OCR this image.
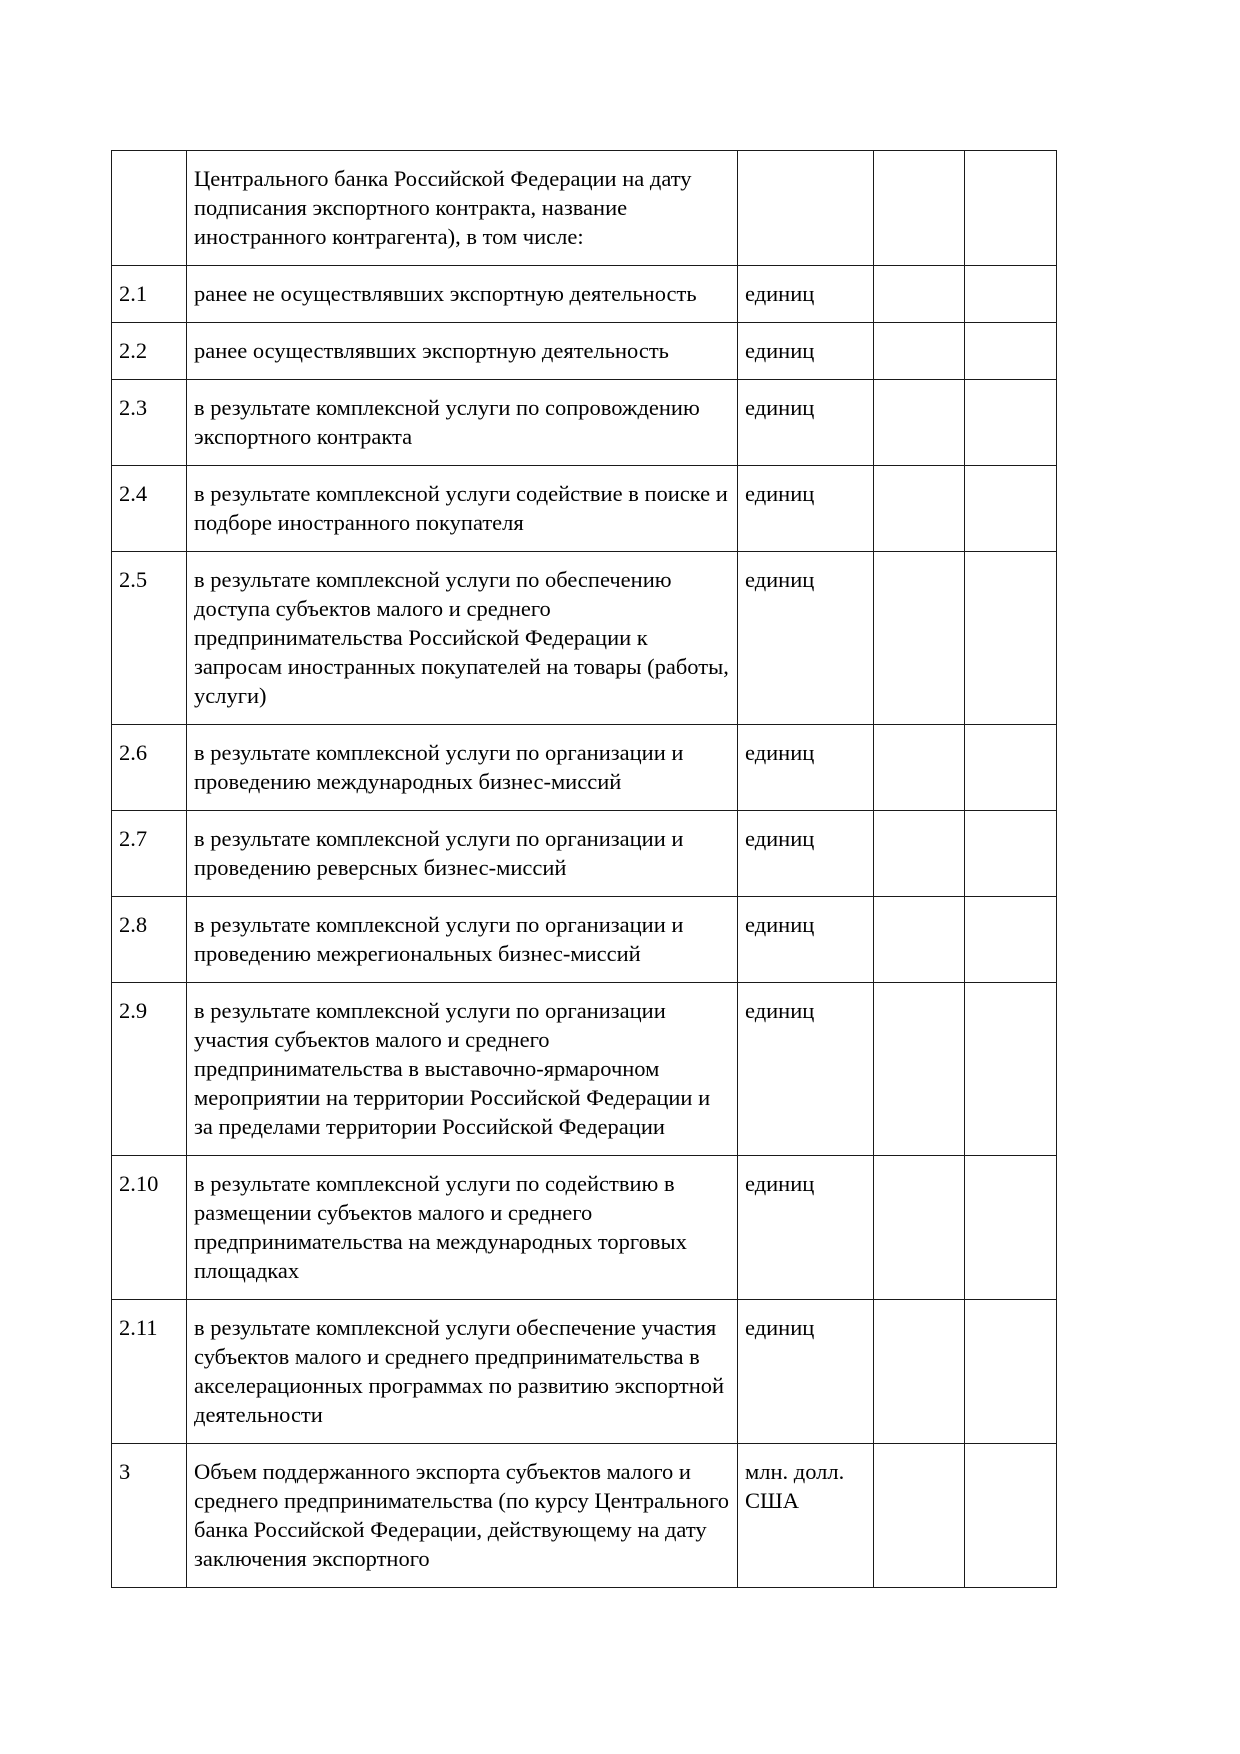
	Центрального банка Российской Федерации на дату подписания экспортного контракта, название иностранного контрагента), в том числе:			
2.1	ранее не осуществлявших экспортную деятельность	единиц		
2.2	ранее осуществлявших экспортную деятельность	единиц		
2.3	в результате комплексной услуги по сопровождению экспортного контракта	единиц		
2.4	в результате комплексной услуги содействие в поиске и подборе иностранного покупателя	единиц		
2.5	в результате комплексной услуги по обеспечению доступа субъектов малого и среднего предпринимательства Российской Федерации к запросам иностранных покупателей на товары (работы, услуги)	единиц		
2.6	в результате комплексной услуги по организации и проведению международных бизнес-миссий	единиц		
2.7	в результате комплексной услуги по организации и проведению реверсных бизнес-миссий	единиц		
2.8	в результате комплексной услуги по организации и проведению межрегиональных бизнес-миссий	единиц		
2.9	в результате комплексной услуги по организации участия субъектов малого и среднего предпринимательства в выставочно-ярмарочном мероприятии на территории Российской Федерации и за пределами территории Российской Федерации	единиц		
2.10	в результате комплексной услуги по содействию в размещении субъектов малого и среднего предпринимательства на международных торговых площадках	единиц		
2.11	в результате комплексной услуги обеспечение участия субъектов малого и среднего предпринимательства в акселерационных программах по развитию экспортной деятельности	единиц		
3	Объем поддержанного экспорта субъектов малого и среднего предпринимательства (по курсу Центрального банка Российской Федерации, действующему на дату заключения экспортного	млн. долл. США		
